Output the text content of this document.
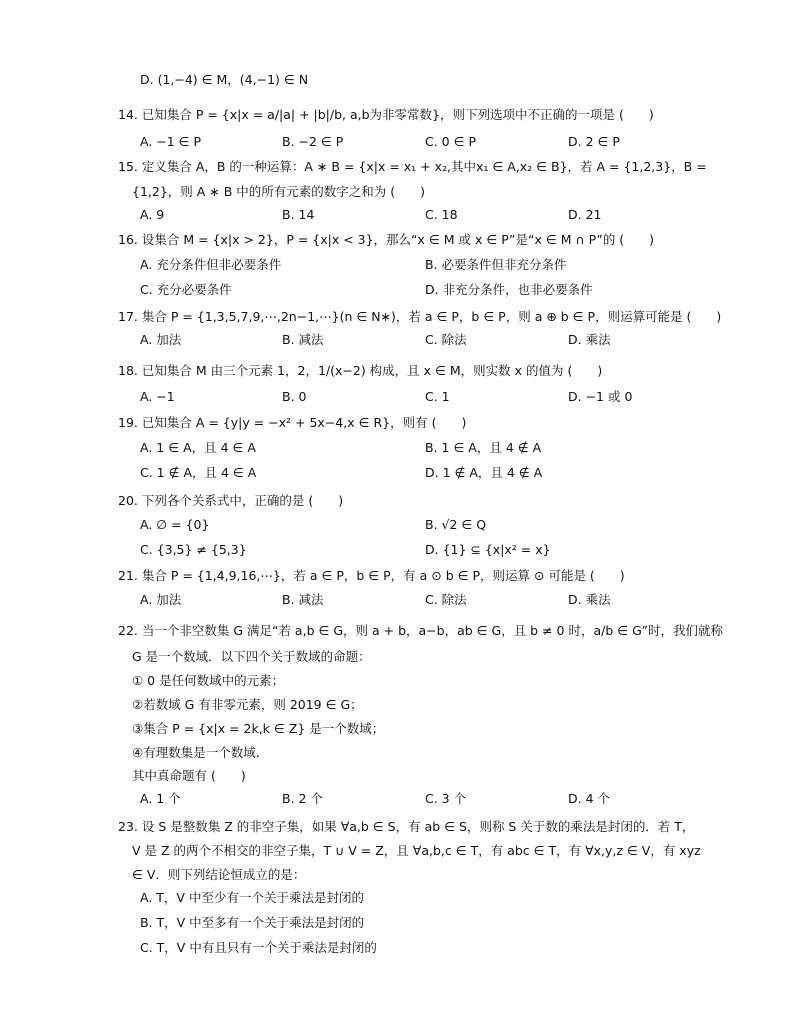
D. (1,−4) ∈ M，(4,−1) ∈ N
14. 已知集合 P = {x|x = a/|a| + |b|/b, a,b为非零常数}，则下列选项中不正确的一项是 (　　)
A. −1 ∈ P	B. −2 ∈ P	C. 0 ∈ P	D. 2 ∈ P
15. 定义集合 A，B 的一种运算：A ∗ B = {x|x = x₁ + x₂,其中x₁ ∈ A,x₂ ∈ B}，若 A = {1,2,3}，B =
{1,2}，则 A ∗ B 中的所有元素的数字之和为 (　　)
A. 9	B. 14	C. 18	D. 21
16. 设集合 M = {x|x > 2}，P = {x|x < 3}，那么“x ∈ M 或 x ∈ P”是“x ∈ M ∩ P”的 (　　)
A. 充分条件但非必要条件	B. 必要条件但非充分条件
C. 充分必要条件	D. 非充分条件，也非必要条件
17. 集合 P = {1,3,5,7,9,⋯,2n−1,⋯}(n ∈ N∗)，若 a ∈ P，b ∈ P，则 a ⊕ b ∈ P，则运算可能是 (　　)
A. 加法	B. 减法	C. 除法	D. 乘法
18. 已知集合 M 由三个元素 1，2，1/(x−2) 构成，且 x ∈ M，则实数 x 的值为 (　　)
A. −1	B. 0	C. 1	D. −1 或 0
19. 已知集合 A = {y|y = −x² + 5x−4,x ∈ R}，则有 (　　)
A. 1 ∈ A，且 4 ∈ A	B. 1 ∈ A，且 4 ∉ A
C. 1 ∉ A，且 4 ∈ A	D. 1 ∉ A，且 4 ∉ A
20. 下列各个关系式中，正确的是 (　　)
A. ∅ = {0}	B. √2 ∈ Q
C. {3,5} ≠ {5,3}	D. {1} ⊆ {x|x² = x}
21. 集合 P = {1,4,9,16,⋯}，若 a ∈ P，b ∈ P，有 a ⊙ b ∈ P，则运算 ⊙ 可能是 (　　)
A. 加法	B. 减法	C. 除法	D. 乘法
22. 当一个非空数集 G 满足“若 a,b ∈ G，则 a + b，a−b，ab ∈ G，且 b ≠ 0 时，a/b ∈ G”时，我们就称
G 是一个数域．以下四个关于数域的命题：
① 0 是任何数域中的元素；
②若数域 G 有非零元素，则 2019 ∈ G；
③集合 P = {x|x = 2k,k ∈ Z} 是一个数域；
④有理数集是一个数域．
其中真命题有 (　　)
A. 1 个	B. 2 个	C. 3 个	D. 4 个
23. 设 S 是整数集 Z 的非空子集，如果 ∀a,b ∈ S，有 ab ∈ S，则称 S 关于数的乘法是封闭的．若 T，
V 是 Z 的两个不相交的非空子集，T ∪ V = Z，且 ∀a,b,c ∈ T，有 abc ∈ T，有 ∀x,y,z ∈ V，有 xyz
∈ V．则下列结论恒成立的是：
A. T，V 中至少有一个关于乘法是封闭的
B. T，V 中至多有一个关于乘法是封闭的
C. T，V 中有且只有一个关于乘法是封闭的
